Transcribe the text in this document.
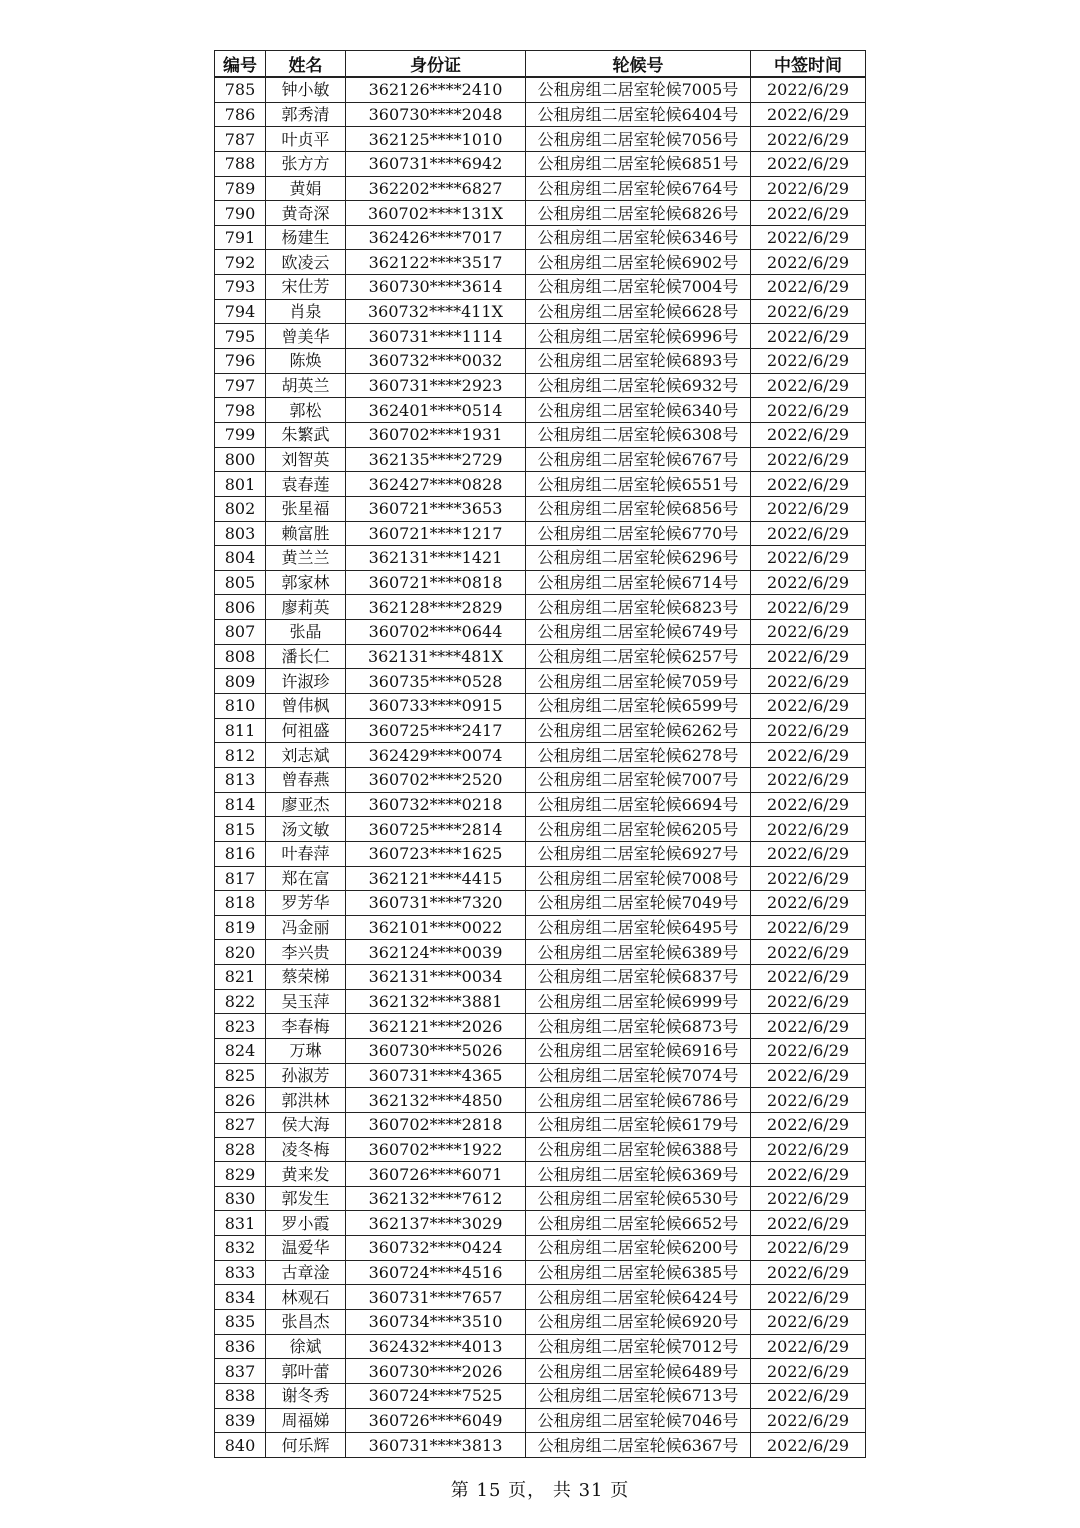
编号	姓名	身份证	轮候号	中签时间
785	钟小敏	362126****2410	公租房组二居室轮候7005号	2022/6/29
786	郭秀清	360730****2048	公租房组二居室轮候6404号	2022/6/29
787	叶贞平	362125****1010	公租房组二居室轮候7056号	2022/6/29
788	张方方	360731****6942	公租房组二居室轮候6851号	2022/6/29
789	黄娟	362202****6827	公租房组二居室轮候6764号	2022/6/29
790	黄奇深	360702****131X	公租房组二居室轮候6826号	2022/6/29
791	杨建生	362426****7017	公租房组二居室轮候6346号	2022/6/29
792	欧凌云	362122****3517	公租房组二居室轮候6902号	2022/6/29
793	宋仕芳	360730****3614	公租房组二居室轮候7004号	2022/6/29
794	肖泉	360732****411X	公租房组二居室轮候6628号	2022/6/29
795	曾美华	360731****1114	公租房组二居室轮候6996号	2022/6/29
796	陈焕	360732****0032	公租房组二居室轮候6893号	2022/6/29
797	胡英兰	360731****2923	公租房组二居室轮候6932号	2022/6/29
798	郭松	362401****0514	公租房组二居室轮候6340号	2022/6/29
799	朱繁武	360702****1931	公租房组二居室轮候6308号	2022/6/29
800	刘智英	362135****2729	公租房组二居室轮候6767号	2022/6/29
801	袁春莲	362427****0828	公租房组二居室轮候6551号	2022/6/29
802	张星福	360721****3653	公租房组二居室轮候6856号	2022/6/29
803	赖富胜	360721****1217	公租房组二居室轮候6770号	2022/6/29
804	黄兰兰	362131****1421	公租房组二居室轮候6296号	2022/6/29
805	郭家林	360721****0818	公租房组二居室轮候6714号	2022/6/29
806	廖莉英	362128****2829	公租房组二居室轮候6823号	2022/6/29
807	张晶	360702****0644	公租房组二居室轮候6749号	2022/6/29
808	潘长仁	362131****481X	公租房组二居室轮候6257号	2022/6/29
809	许淑珍	360735****0528	公租房组二居室轮候7059号	2022/6/29
810	曾伟枫	360733****0915	公租房组二居室轮候6599号	2022/6/29
811	何祖盛	360725****2417	公租房组二居室轮候6262号	2022/6/29
812	刘志斌	362429****0074	公租房组二居室轮候6278号	2022/6/29
813	曾春燕	360702****2520	公租房组二居室轮候7007号	2022/6/29
814	廖亚杰	360732****0218	公租房组二居室轮候6694号	2022/6/29
815	汤文敏	360725****2814	公租房组二居室轮候6205号	2022/6/29
816	叶春萍	360723****1625	公租房组二居室轮候6927号	2022/6/29
817	郑在富	362121****4415	公租房组二居室轮候7008号	2022/6/29
818	罗芳华	360731****7320	公租房组二居室轮候7049号	2022/6/29
819	冯金丽	362101****0022	公租房组二居室轮候6495号	2022/6/29
820	李兴贵	362124****0039	公租房组二居室轮候6389号	2022/6/29
821	蔡荣梯	362131****0034	公租房组二居室轮候6837号	2022/6/29
822	吴玉萍	362132****3881	公租房组二居室轮候6999号	2022/6/29
823	李春梅	362121****2026	公租房组二居室轮候6873号	2022/6/29
824	万琳	360730****5026	公租房组二居室轮候6916号	2022/6/29
825	孙淑芳	360731****4365	公租房组二居室轮候7074号	2022/6/29
826	郭洪林	362132****4850	公租房组二居室轮候6786号	2022/6/29
827	侯大海	360702****2818	公租房组二居室轮候6179号	2022/6/29
828	凌冬梅	360702****1922	公租房组二居室轮候6388号	2022/6/29
829	黄来发	360726****6071	公租房组二居室轮候6369号	2022/6/29
830	郭发生	362132****7612	公租房组二居室轮候6530号	2022/6/29
831	罗小霞	362137****3029	公租房组二居室轮候6652号	2022/6/29
832	温爱华	360732****0424	公租房组二居室轮候6200号	2022/6/29
833	古章淦	360724****4516	公租房组二居室轮候6385号	2022/6/29
834	林观石	360731****7657	公租房组二居室轮候6424号	2022/6/29
835	张昌杰	360734****3510	公租房组二居室轮候6920号	2022/6/29
836	徐斌	362432****4013	公租房组二居室轮候7012号	2022/6/29
837	郭叶蕾	360730****2026	公租房组二居室轮候6489号	2022/6/29
838	谢冬秀	360724****7525	公租房组二居室轮候6713号	2022/6/29
839	周福娣	360726****6049	公租房组二居室轮候7046号	2022/6/29
840	何乐辉	360731****3813	公租房组二居室轮候6367号	2022/6/29
第 15 页， 共 31 页
